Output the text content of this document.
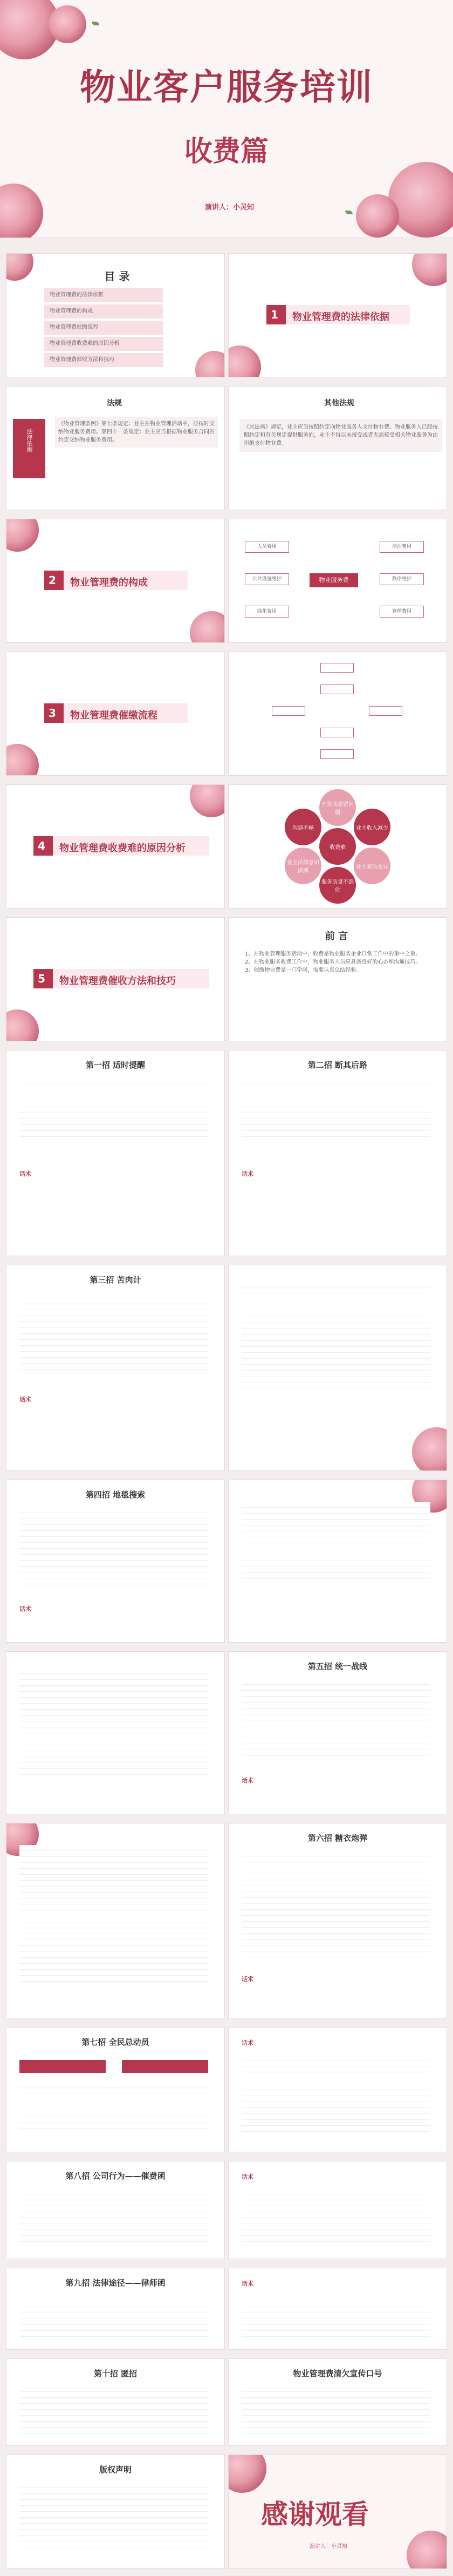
物业客户服务培训
收费篇
演讲人：小灵知
目 录
物业管理费的法律依据
物业管理费的构成
物业管理费催缴流程
物业管理费收费难的原因分析
物业管理费催收方法和技巧
1 物业管理费的法律依据
法规
法律依据
《物业管理条例》第七条规定：业主在物业管理活动中，应按时交纳物业服务费用。第四十一条规定：业主应当根据物业服务合同的约定交纳物业服务费用。
其他法规
《民法典》规定，业主应当按照约定向物业服务人支付物业费。物业服务人已经按照约定和有关规定提供服务的，业主不得以未接受或者无需接受相关物业服务为由拒绝支付物业费。
2 物业管理费的构成	物业服务费
人员费用
公共设施维护
绿化费用
清洁费用
秩序维护
管理费用
3 物业管理费催缴流程
4 物业管理费收费难的原因分析	收费难
开发商遗留问题
业主收入减少
业主素质差异
服务质量不到位
业主法律意识淡薄
沟通不畅
5 物业管理费催收方法和技巧
前 言
1、在物业管理服务活动中，收费是物业服务企业日常工作中的重中之重。2、在物业服务收费工作中，物业服务人员应具备良好的心态和沟通技巧。3、催缴物业费是一门学问，需要认真总结经验。
第一招 适时提醒
话术
第二招 断其后路
话术
第三招 苦肉计
话术
第四招 地毯搜索
话术
第五招 统一战线
话术
第六招 糖衣炮弹
话术
第七招 全民总动员	话术
第八招 公司行为——催费函	话术
第九招 法律途径——律师函	话术
第十招 匿招	物业管理费清欠宣传口号
版权声明
感谢观看
演讲人：小灵知
